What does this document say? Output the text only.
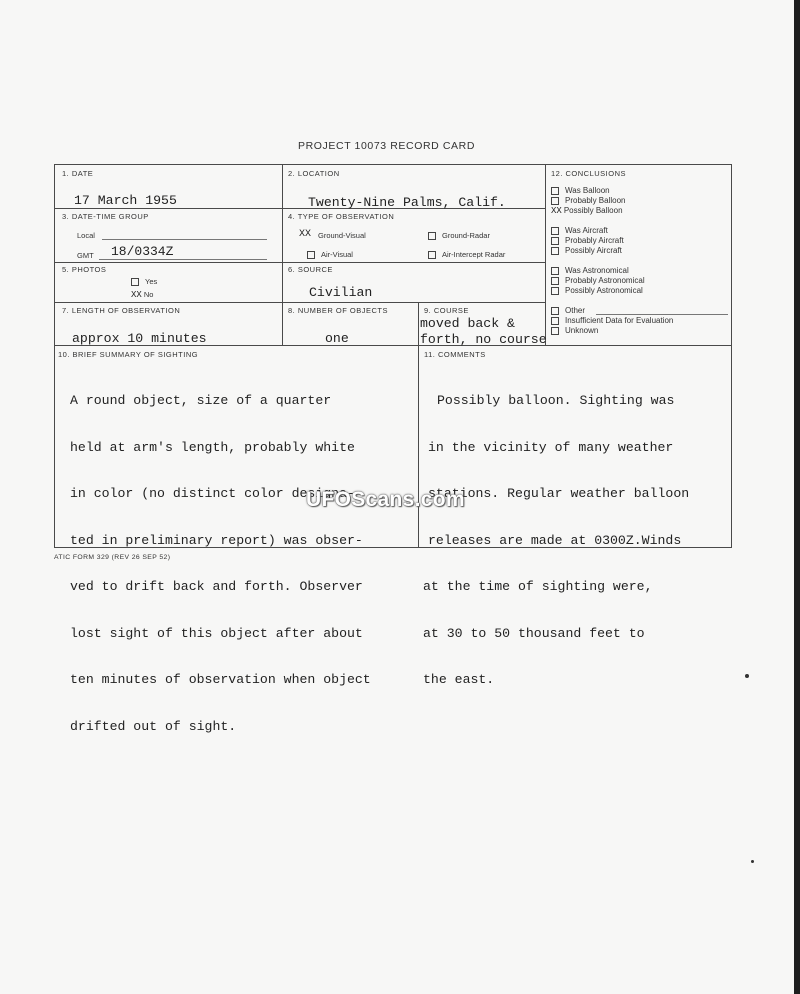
PROJECT 10073 RECORD CARD
1. DATE
17 March 1955
2. LOCATION
Twenty-Nine Palms, Calif.
3. DATE-TIME GROUP
Local
GMT 18/0334Z
4. TYPE OF OBSERVATION
XX Ground-Visual	Ground-Radar
Air-Visual	Air-Intercept Radar
5. PHOTOS
Yes
XX No
6. SOURCE
Civilian
7. LENGTH OF OBSERVATION
approx 10 minutes
8. NUMBER OF OBJECTS
one
9. COURSE
moved back &
forth, no course
12. CONCLUSIONS
Was Balloon
Probably Balloon
XX Possibly Balloon
Was Aircraft
Probably Aircraft
Possibly Aircraft
Was Astronomical
Probably Astronomical
Possibly Astronomical
Other
Insufficient Data for Evaluation
Unknown
10. BRIEF SUMMARY OF SIGHTING

A round object, size of a quarter

held at arm's length, probably white

in color (no distinct color designa-

ted in preliminary report) was obser-

ved to drift back and forth. Observer

lost sight of this object after about

ten minutes of observation when object

drifted out of sight.

11. COMMENTS

Possibly balloon. Sighting was

in the vicinity of many weather

stations. Regular weather balloon

releases are made at 0300Z.Winds

at the time of sighting were,

at 30 to 50 thousand feet to

the east.

ATIC FORM 329 (REV 26 SEP 52)
UFOScans.com
